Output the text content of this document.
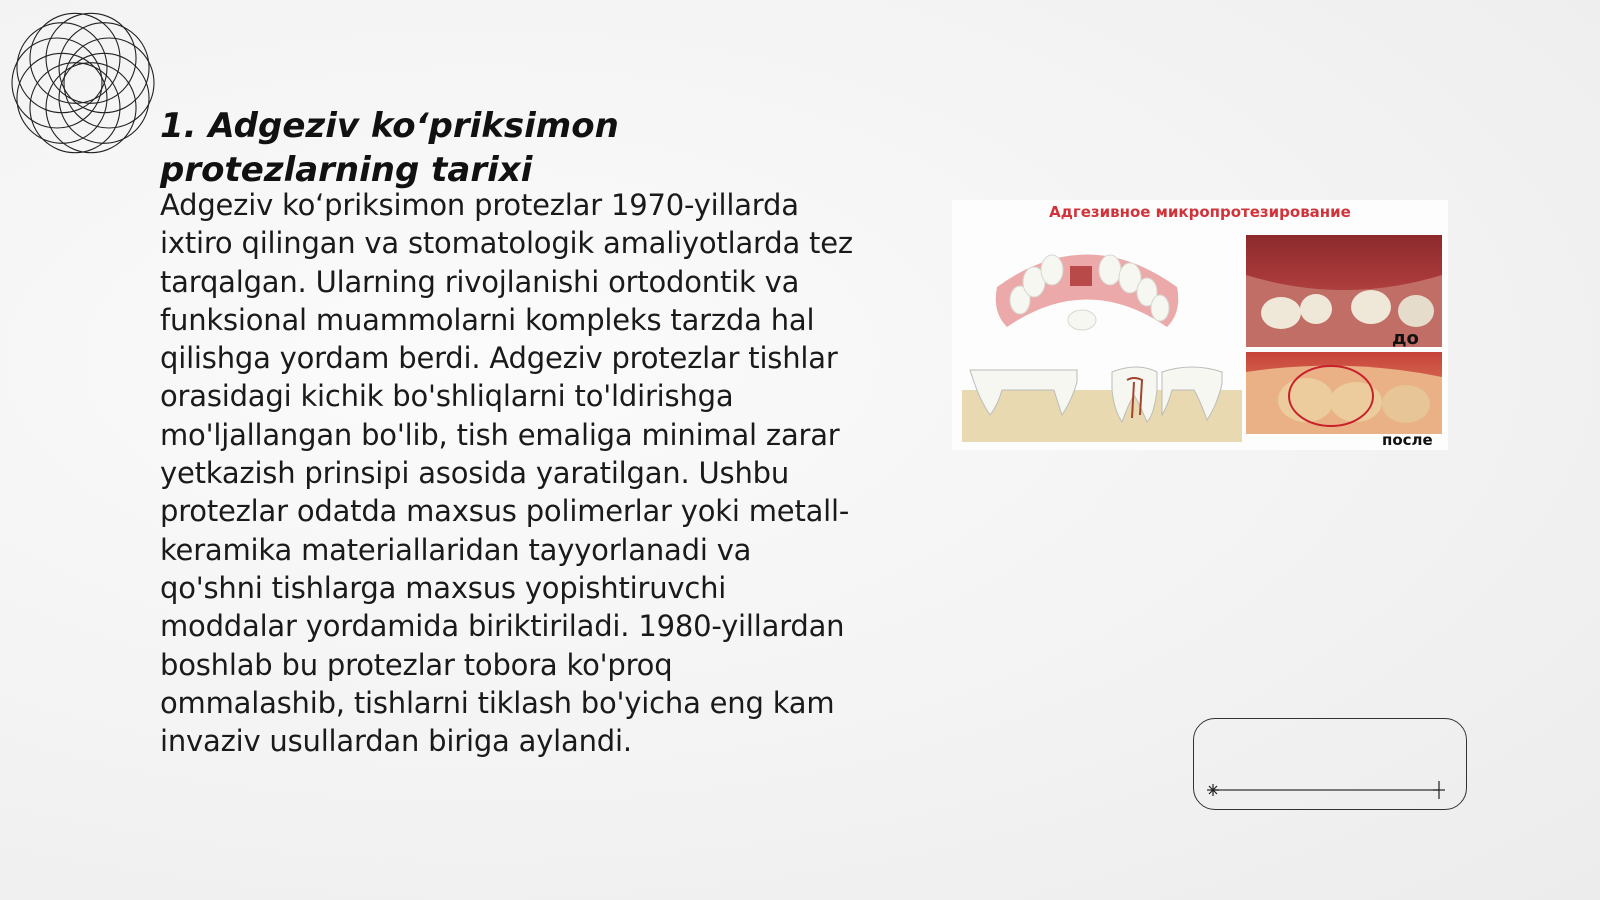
1. Adgeziv ko‘priksimon protezlarning tarixi

Adgeziv ko‘priksimon protezlar 1970-yillarda ixtiro qilingan va stomatologik amaliyotlarda tez tarqalgan. Ularning rivojlanishi ortodontik va funksional muammolarni kompleks tarzda hal qilishga yordam berdi. Adgeziv protezlar tishlar orasidagi kichik bo'shliqlarni to'ldirishga mo'ljallangan bo'lib, tish emaliga minimal zarar yetkazish prinsipi asosida yaratilgan. Ushbu protezlar odatda maxsus polimerlar yoki metall-keramika materiallaridan tayyorlanadi va qo'shni tishlarga maxsus yopishtiruvchi moddalar yordamida biriktiriladi. 1980-yillardan boshlab bu protezlar tobora ko'proq ommalashib, tishlarni tiklash bo'yicha eng kam invaziv usullardan biriga aylandi.

Адгезивное микропротезирование
до
после
